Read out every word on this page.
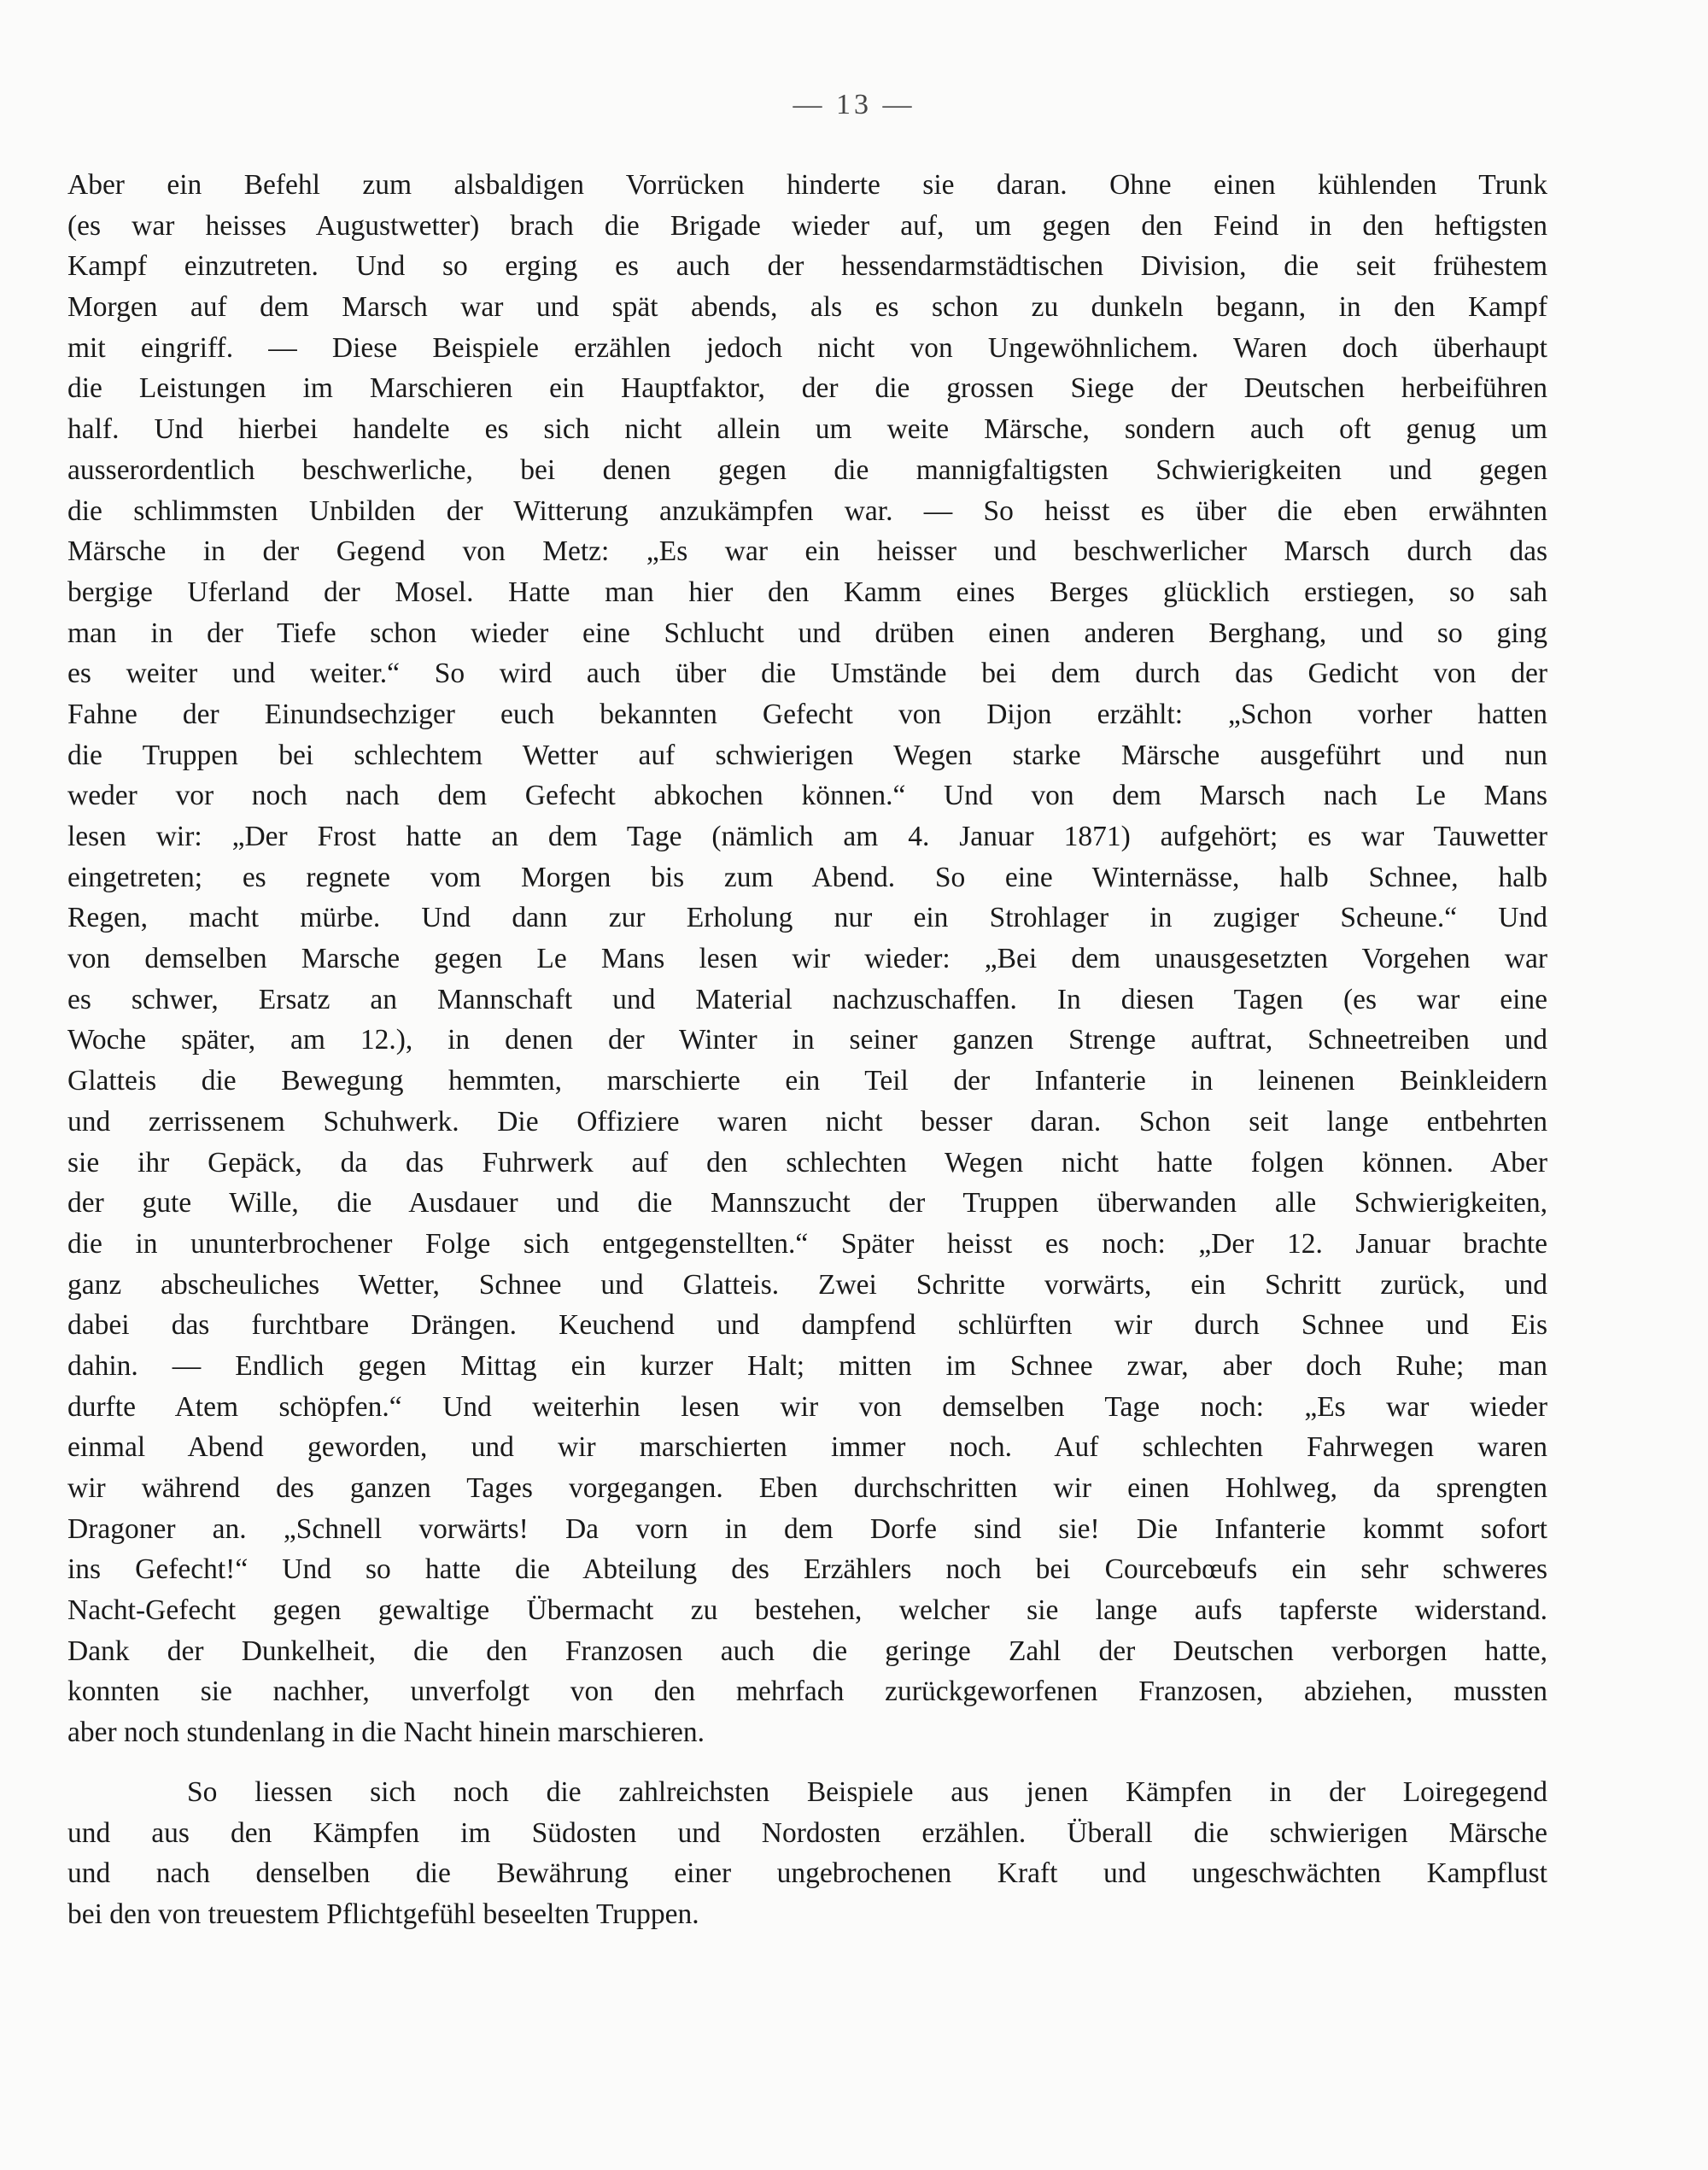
— 13 —
Aber ein Befehl zum alsbaldigen Vorrücken hinderte sie daran. Ohne einen kühlenden Trunk
(es war heisses Augustwetter) brach die Brigade wieder auf, um gegen den Feind in den heftigsten
Kampf einzutreten. Und so erging es auch der hessendarmstädtischen Division, die seit frühestem
Morgen auf dem Marsch war und spät abends, als es schon zu dunkeln begann, in den Kampf
mit eingriff. — Diese Beispiele erzählen jedoch nicht von Ungewöhnlichem. Waren doch überhaupt
die Leistungen im Marschieren ein Hauptfaktor, der die grossen Siege der Deutschen herbeiführen
half. Und hierbei handelte es sich nicht allein um weite Märsche, sondern auch oft genug um
ausserordentlich beschwerliche, bei denen gegen die mannigfaltigsten Schwierigkeiten und gegen
die schlimmsten Unbilden der Witterung anzukämpfen war. — So heisst es über die eben erwähnten
Märsche in der Gegend von Metz: „Es war ein heisser und beschwerlicher Marsch durch das
bergige Uferland der Mosel. Hatte man hier den Kamm eines Berges glücklich erstiegen, so sah
man in der Tiefe schon wieder eine Schlucht und drüben einen anderen Berghang, und so ging
es weiter und weiter.“ So wird auch über die Umstände bei dem durch das Gedicht von der
Fahne der Einundsechziger euch bekannten Gefecht von Dijon erzählt: „Schon vorher hatten
die Truppen bei schlechtem Wetter auf schwierigen Wegen starke Märsche ausgeführt und nun
weder vor noch nach dem Gefecht abkochen können.“ Und von dem Marsch nach Le Mans
lesen wir: „Der Frost hatte an dem Tage (nämlich am 4. Januar 1871) aufgehört; es war Tauwetter
eingetreten; es regnete vom Morgen bis zum Abend. So eine Winternässe, halb Schnee, halb
Regen, macht mürbe. Und dann zur Erholung nur ein Strohlager in zugiger Scheune.“ Und
von demselben Marsche gegen Le Mans lesen wir wieder: „Bei dem unausgesetzten Vorgehen war
es schwer, Ersatz an Mannschaft und Material nachzuschaffen. In diesen Tagen (es war eine
Woche später, am 12.), in denen der Winter in seiner ganzen Strenge auftrat, Schneetreiben und
Glatteis die Bewegung hemmten, marschierte ein Teil der Infanterie in leinenen Beinkleidern
und zerrissenem Schuhwerk. Die Offiziere waren nicht besser daran. Schon seit lange entbehrten
sie ihr Gepäck, da das Fuhrwerk auf den schlechten Wegen nicht hatte folgen können. Aber
der gute Wille, die Ausdauer und die Mannszucht der Truppen überwanden alle Schwierigkeiten,
die in ununterbrochener Folge sich entgegenstellten.“ Später heisst es noch: „Der 12. Januar brachte
ganz abscheuliches Wetter, Schnee und Glatteis. Zwei Schritte vorwärts, ein Schritt zurück, und
dabei das furchtbare Drängen. Keuchend und dampfend schlürften wir durch Schnee und Eis
dahin. — Endlich gegen Mittag ein kurzer Halt; mitten im Schnee zwar, aber doch Ruhe; man
durfte Atem schöpfen.“ Und weiterhin lesen wir von demselben Tage noch: „Es war wieder
einmal Abend geworden, und wir marschierten immer noch. Auf schlechten Fahrwegen waren
wir während des ganzen Tages vorgegangen. Eben durchschritten wir einen Hohlweg, da sprengten
Dragoner an. „Schnell vorwärts! Da vorn in dem Dorfe sind sie! Die Infanterie kommt sofort
ins Gefecht!“ Und so hatte die Abteilung des Erzählers noch bei Courcebœufs ein sehr schweres
Nacht-Gefecht gegen gewaltige Übermacht zu bestehen, welcher sie lange aufs tapferste widerstand.
Dank der Dunkelheit, die den Franzosen auch die geringe Zahl der Deutschen verborgen hatte,
konnten sie nachher, unverfolgt von den mehrfach zurückgeworfenen Franzosen, abziehen, mussten
aber noch stundenlang in die Nacht hinein marschieren.
So liessen sich noch die zahlreichsten Beispiele aus jenen Kämpfen in der Loiregegend
und aus den Kämpfen im Südosten und Nordosten erzählen. Überall die schwierigen Märsche
und nach denselben die Bewährung einer ungebrochenen Kraft und ungeschwächten Kampflust
bei den von treuestem Pflichtgefühl beseelten Truppen.
